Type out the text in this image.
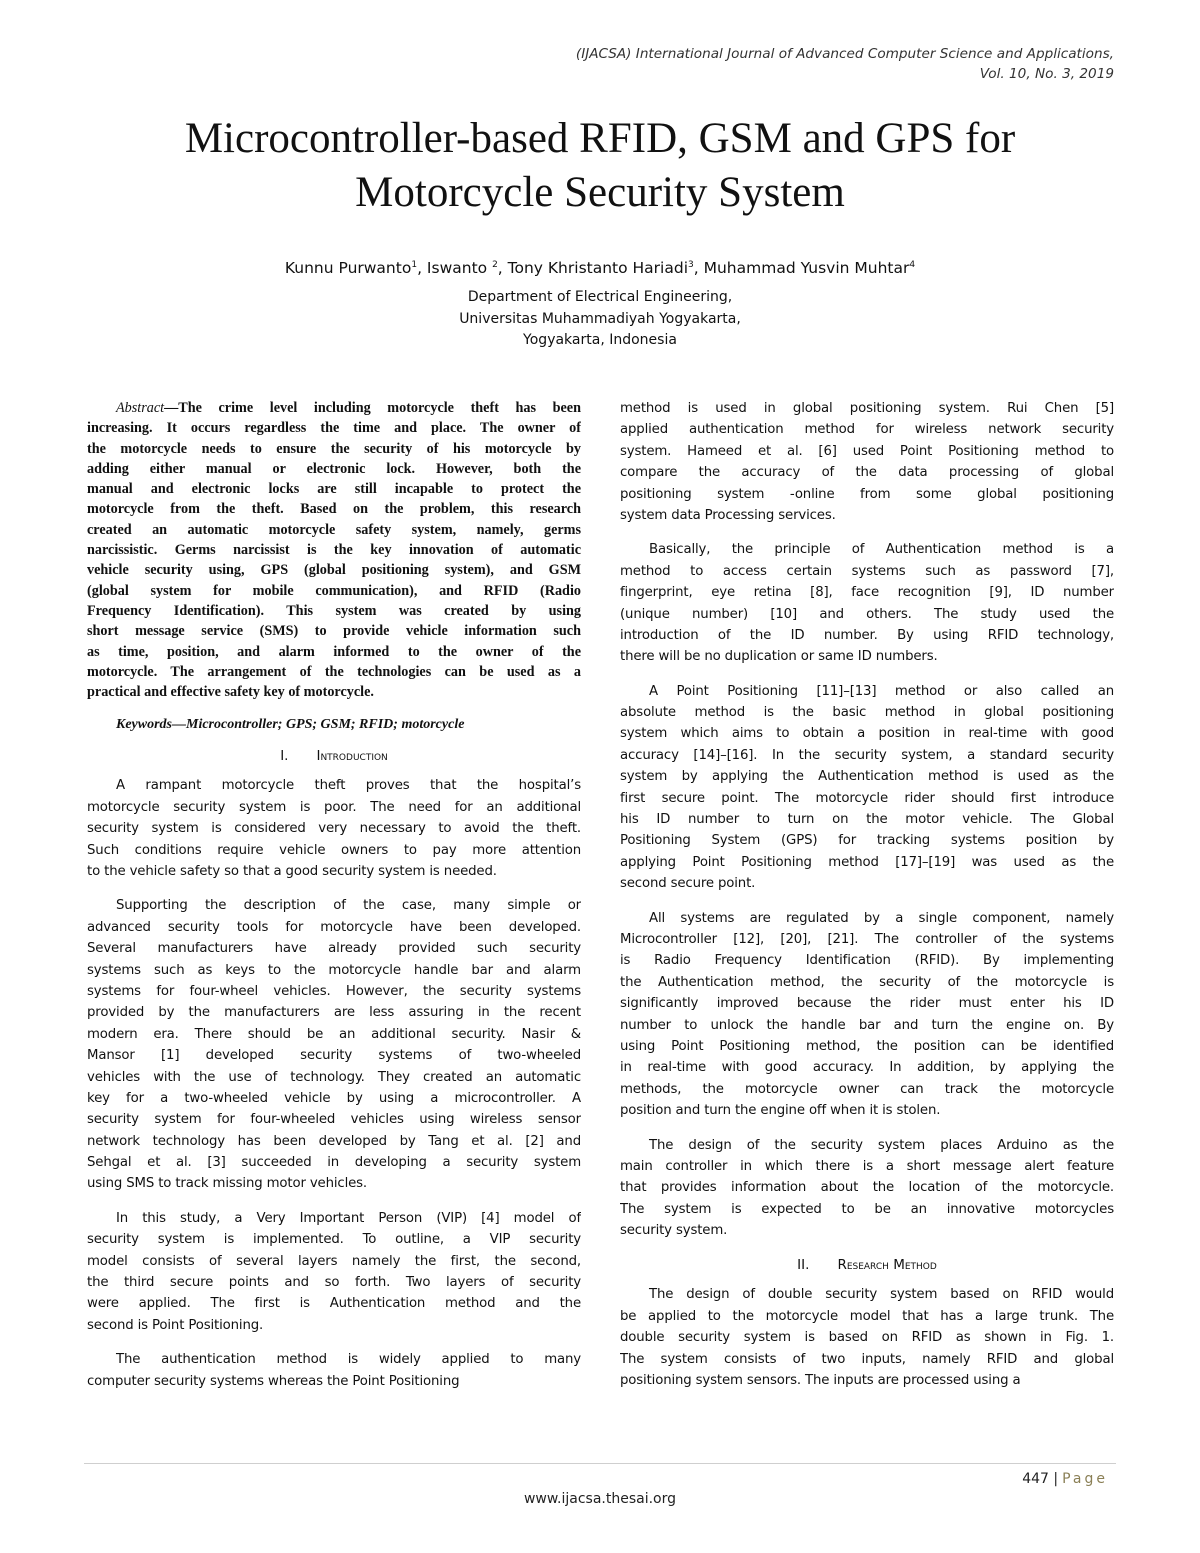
(IJACSA) International Journal of Advanced Computer Science and Applications,
Vol. 10, No. 3, 2019
Microcontroller-based RFID, GSM and GPS for
Motorcycle Security System
Kunnu Purwanto$^1$, Iswanto $^2$, Tony Khristanto Hariadi$^3$, Muhammad Yusvin Muhtar$^4$
Department of Electrical Engineering,
Universitas Muhammadiyah Yogyakarta,
Yogyakarta, Indonesia
Abstract—The crime level including motorcycle theft has been
increasing. It occurs regardless the time and place. The owner of
the motorcycle needs to ensure the security of his motorcycle by
adding either manual or electronic lock. However, both the
manual and electronic locks are still incapable to protect the
motorcycle from the theft. Based on the problem, this research
created an automatic motorcycle safety system, namely, germs
narcissistic. Germs narcissist is the key innovation of automatic
vehicle security using, GPS (global positioning system), and GSM
(global system for mobile communication), and RFID (Radio
Frequency Identification). This system was created by using
short message service (SMS) to provide vehicle information such
as time, position, and alarm informed to the owner of the
motorcycle. The arrangement of the technologies can be used as a
practical and effective safety key of motorcycle.
Keywords—Microcontroller; GPS; GSM; RFID; motorcycle
I. Introduction
A rampant motorcycle theft proves that the hospital’s
motorcycle security system is poor. The need for an additional
security system is considered very necessary to avoid the theft.
Such conditions require vehicle owners to pay more attention
to the vehicle safety so that a good security system is needed.
Supporting the description of the case, many simple or
advanced security tools for motorcycle have been developed.
Several manufacturers have already provided such security
systems such as keys to the motorcycle handle bar and alarm
systems for four-wheel vehicles. However, the security systems
provided by the manufacturers are less assuring in the recent
modern era. There should be an additional security. Nasir &
Mansor [1] developed security systems of two-wheeled
vehicles with the use of technology. They created an automatic
key for a two-wheeled vehicle by using a microcontroller. A
security system for four-wheeled vehicles using wireless sensor
network technology has been developed by Tang et al. [2] and
Sehgal et al. [3] succeeded in developing a security system
using SMS to track missing motor vehicles.
In this study, a Very Important Person (VIP) [4] model of
security system is implemented. To outline, a VIP security
model consists of several layers namely the first, the second,
the third secure points and so forth. Two layers of security
were applied. The first is Authentication method and the
second is Point Positioning.
The authentication method is widely applied to many
computer security systems whereas the Point Positioning
method is used in global positioning system. Rui Chen [5]
applied authentication method for wireless network security
system. Hameed et al. [6] used Point Positioning method to
compare the accuracy of the data processing of global
positioning system -online from some global positioning
system data Processing services.
Basically, the principle of Authentication method is a
method to access certain systems such as password [7],
fingerprint, eye retina [8], face recognition [9], ID number
(unique number) [10] and others. The study used the
introduction of the ID number. By using RFID technology,
there will be no duplication or same ID numbers.
A Point Positioning [11]–[13] method or also called an
absolute method is the basic method in global positioning
system which aims to obtain a position in real-time with good
accuracy [14]–[16]. In the security system, a standard security
system by applying the Authentication method is used as the
first secure point. The motorcycle rider should first introduce
his ID number to turn on the motor vehicle. The Global
Positioning System (GPS) for tracking systems position by
applying Point Positioning method [17]–[19] was used as the
second secure point.
All systems are regulated by a single component, namely
Microcontroller [12], [20], [21]. The controller of the systems
is Radio Frequency Identification (RFID). By implementing
the Authentication method, the security of the motorcycle is
significantly improved because the rider must enter his ID
number to unlock the handle bar and turn the engine on. By
using Point Positioning method, the position can be identified
in real-time with good accuracy. In addition, by applying the
methods, the motorcycle owner can track the motorcycle
position and turn the engine off when it is stolen.
The design of the security system places Arduino as the
main controller in which there is a short message alert feature
that provides information about the location of the motorcycle.
The system is expected to be an innovative motorcycles
security system.
II. Research Method
The design of double security system based on RFID would
be applied to the motorcycle model that has a large trunk. The
double security system is based on RFID as shown in Fig. 1.
The system consists of two inputs, namely RFID and global
positioning system sensors. The inputs are processed using a
447 | Page
www.ijacsa.thesai.org
